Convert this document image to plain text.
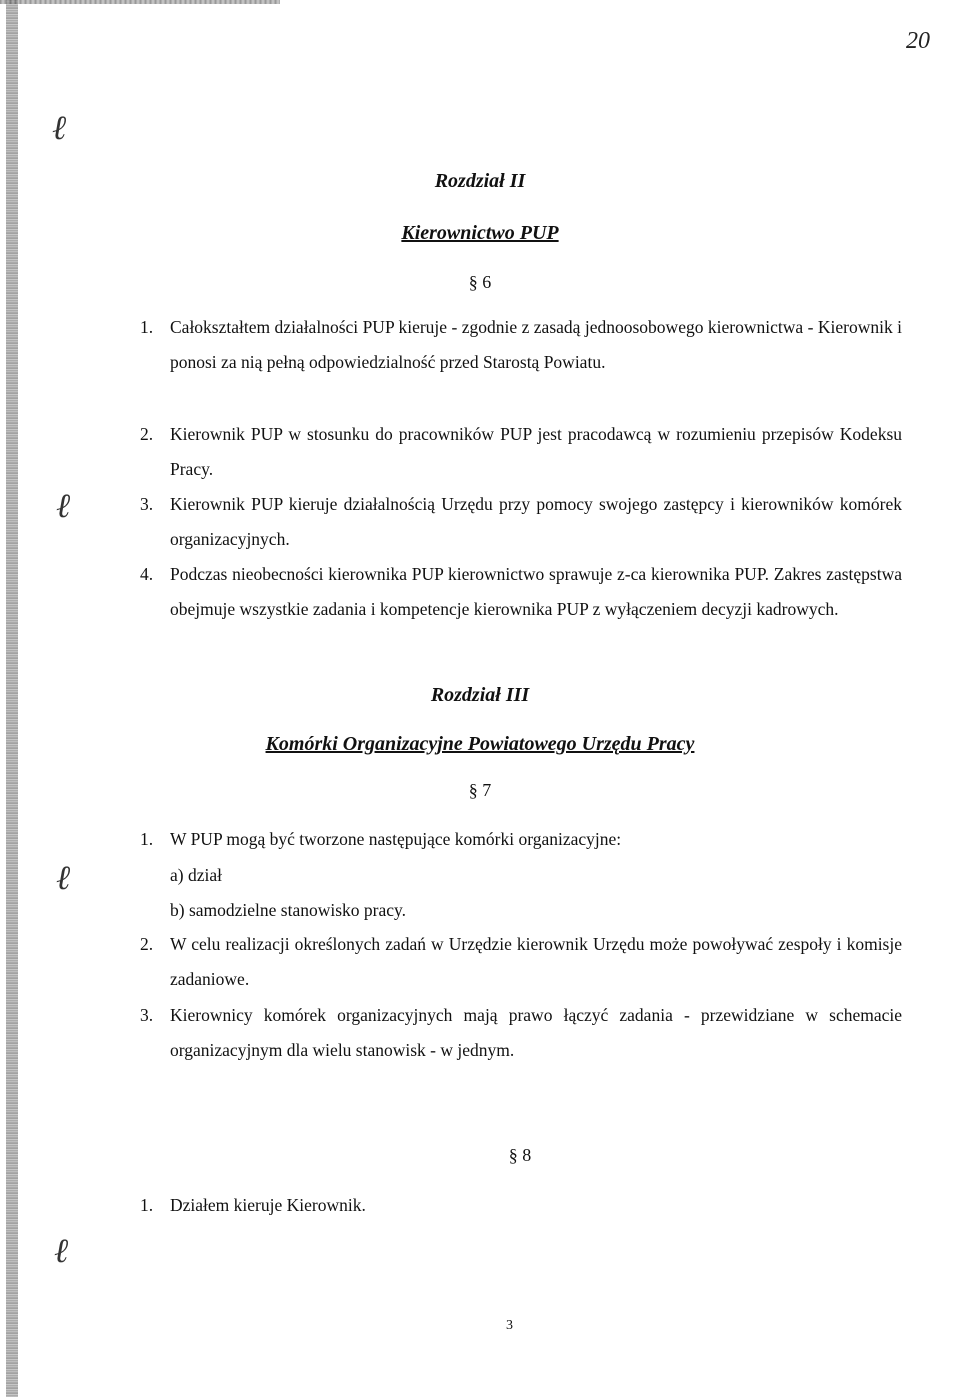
20
ℓ
ℓ
ℓ
ℓ
Rozdział II
Kierownictwo PUP
§ 6
1. Całokształtem działalności PUP kieruje - zgodnie z zasadą jednoosobowego kierownictwa - Kierownik i ponosi za nią pełną odpowiedzialność przed Starostą Powiatu.
2. Kierownik PUP w stosunku do pracowników PUP jest pracodawcą w rozumieniu przepisów Kodeksu Pracy.
3. Kierownik PUP kieruje działalnością Urzędu przy pomocy swojego zastępcy i kierowników komórek organizacyjnych.
4. Podczas nieobecności kierownika PUP kierownictwo sprawuje z-ca kierownika PUP. Zakres zastępstwa obejmuje wszystkie zadania i kompetencje kierownika PUP z wyłączeniem decyzji kadrowych.
Rozdział III
Komórki Organizacyjne Powiatowego Urzędu Pracy
§ 7
1. W PUP mogą być tworzone następujące komórki organizacyjne:
a) dział
b) samodzielne stanowisko pracy.
2. W celu realizacji określonych zadań w Urzędzie kierownik Urzędu może powoływać zespoły i komisje zadaniowe.
3. Kierownicy komórek organizacyjnych mają prawo łączyć zadania - przewidziane w schemacie organizacyjnym dla wielu stanowisk - w jednym.
§ 8
1. Działem kieruje Kierownik.
3
